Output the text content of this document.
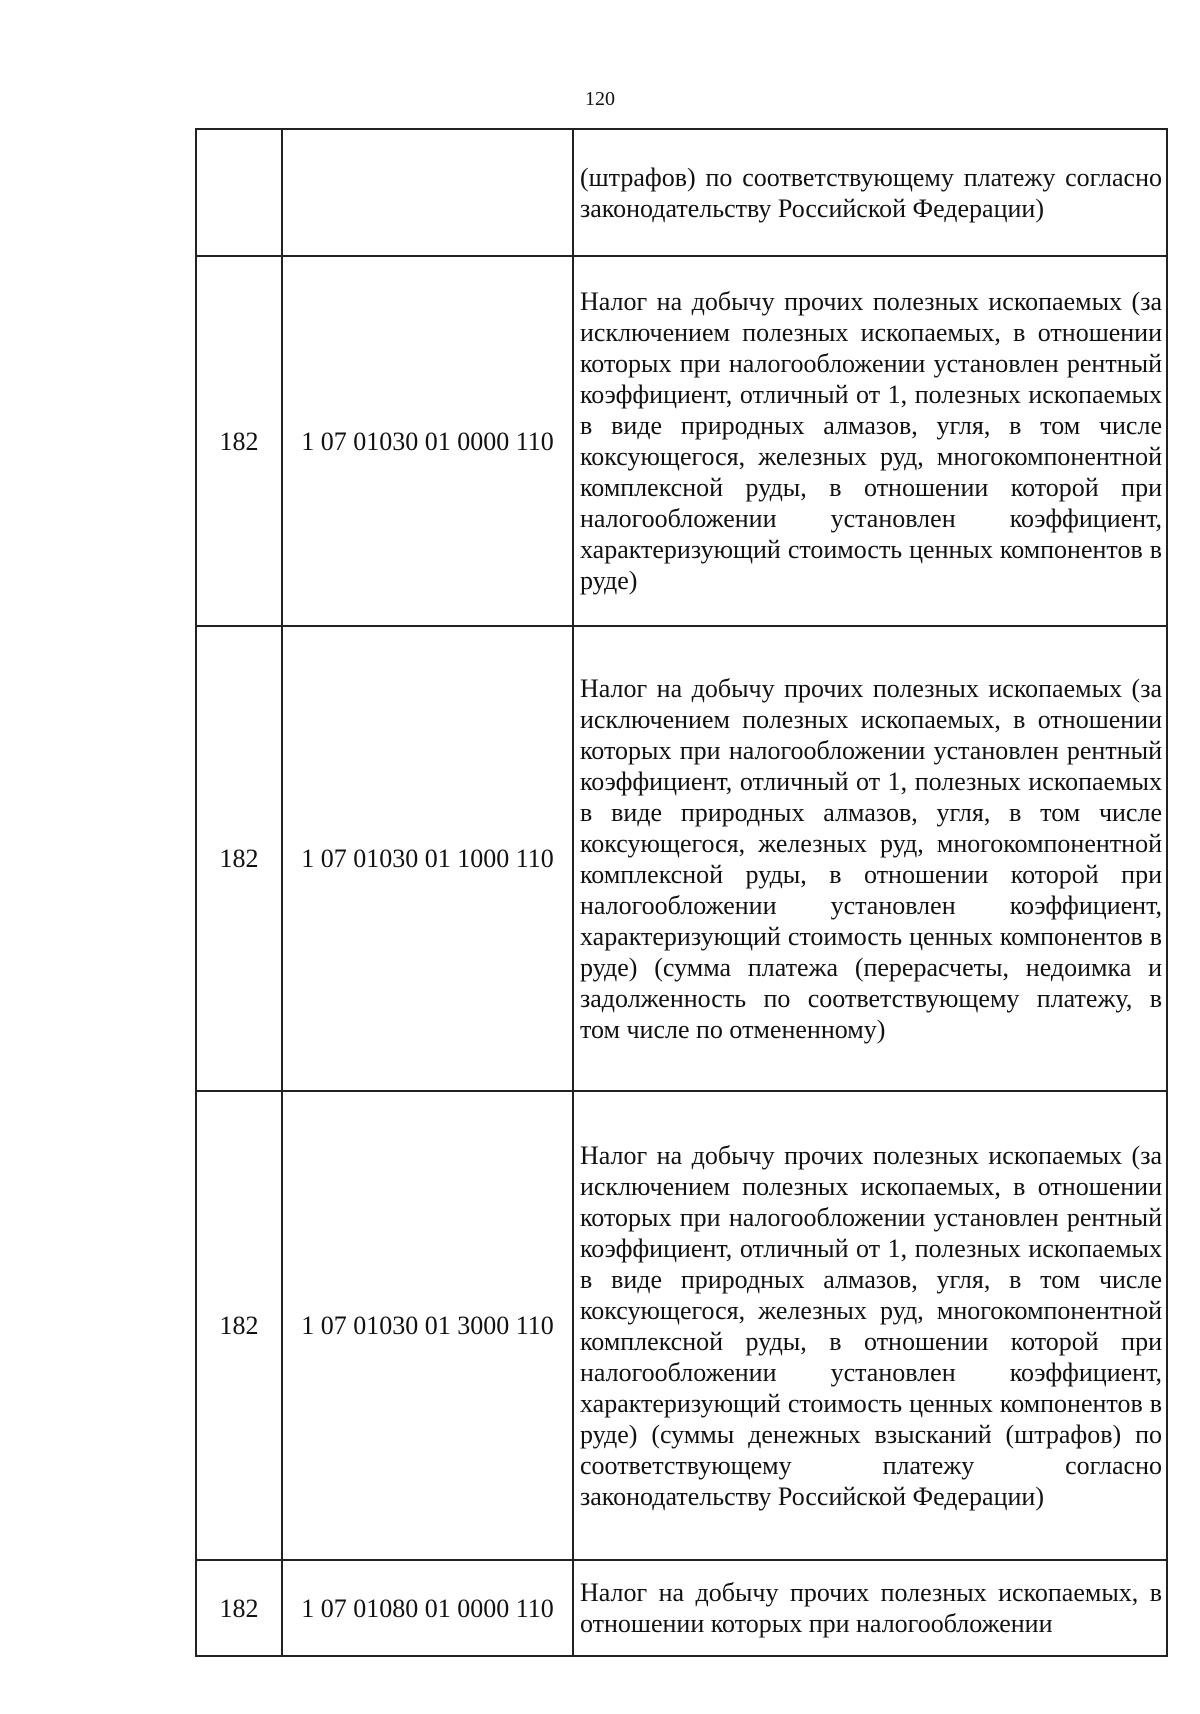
120
		(штрафов) по соответствующему платежу согласно законодательству Российской Федерации)
182	1 07 01030 01 0000 110	Налог на добычу прочих полезных ископаемых (за исключением полезных ископаемых, в отношении которых при налогообложении установлен рентный коэффициент, отличный от 1, полезных ископаемых в виде природных алмазов, угля, в том числе коксующегося, железных руд, многокомпонентной комплексной руды, в отношении которой при налогообложении установлен коэффициент, характеризующий стоимость ценных компонентов в руде)
182	1 07 01030 01 1000 110	Налог на добычу прочих полезных ископаемых (за исключением полезных ископаемых, в отношении которых при налогообложении установлен рентный коэффициент, отличный от 1, полезных ископаемых в виде природных алмазов, угля, в том числе коксующегося, железных руд, многокомпонентной комплексной руды, в отношении которой при налогообложении установлен коэффициент, характеризующий стоимость ценных компонентов в руде) (сумма платежа (перерасчеты, недоимка и задолженность по соответствующему платежу, в том числе по отмененному)
182	1 07 01030 01 3000 110	Налог на добычу прочих полезных ископаемых (за исключением полезных ископаемых, в отношении которых при налогообложении установлен рентный коэффициент, отличный от 1, полезных ископаемых в виде природных алмазов, угля, в том числе коксующегося, железных руд, многокомпонентной комплексной руды, в отношении которой при налогообложении установлен коэффициент, характеризующий стоимость ценных компонентов в руде) (суммы денежных взысканий (штрафов) по соответствующему платежу согласно законодательству Российской Федерации)
182	1 07 01080 01 0000 110	Налог на добычу прочих полезных ископаемых, в отношении которых при налогообложении
